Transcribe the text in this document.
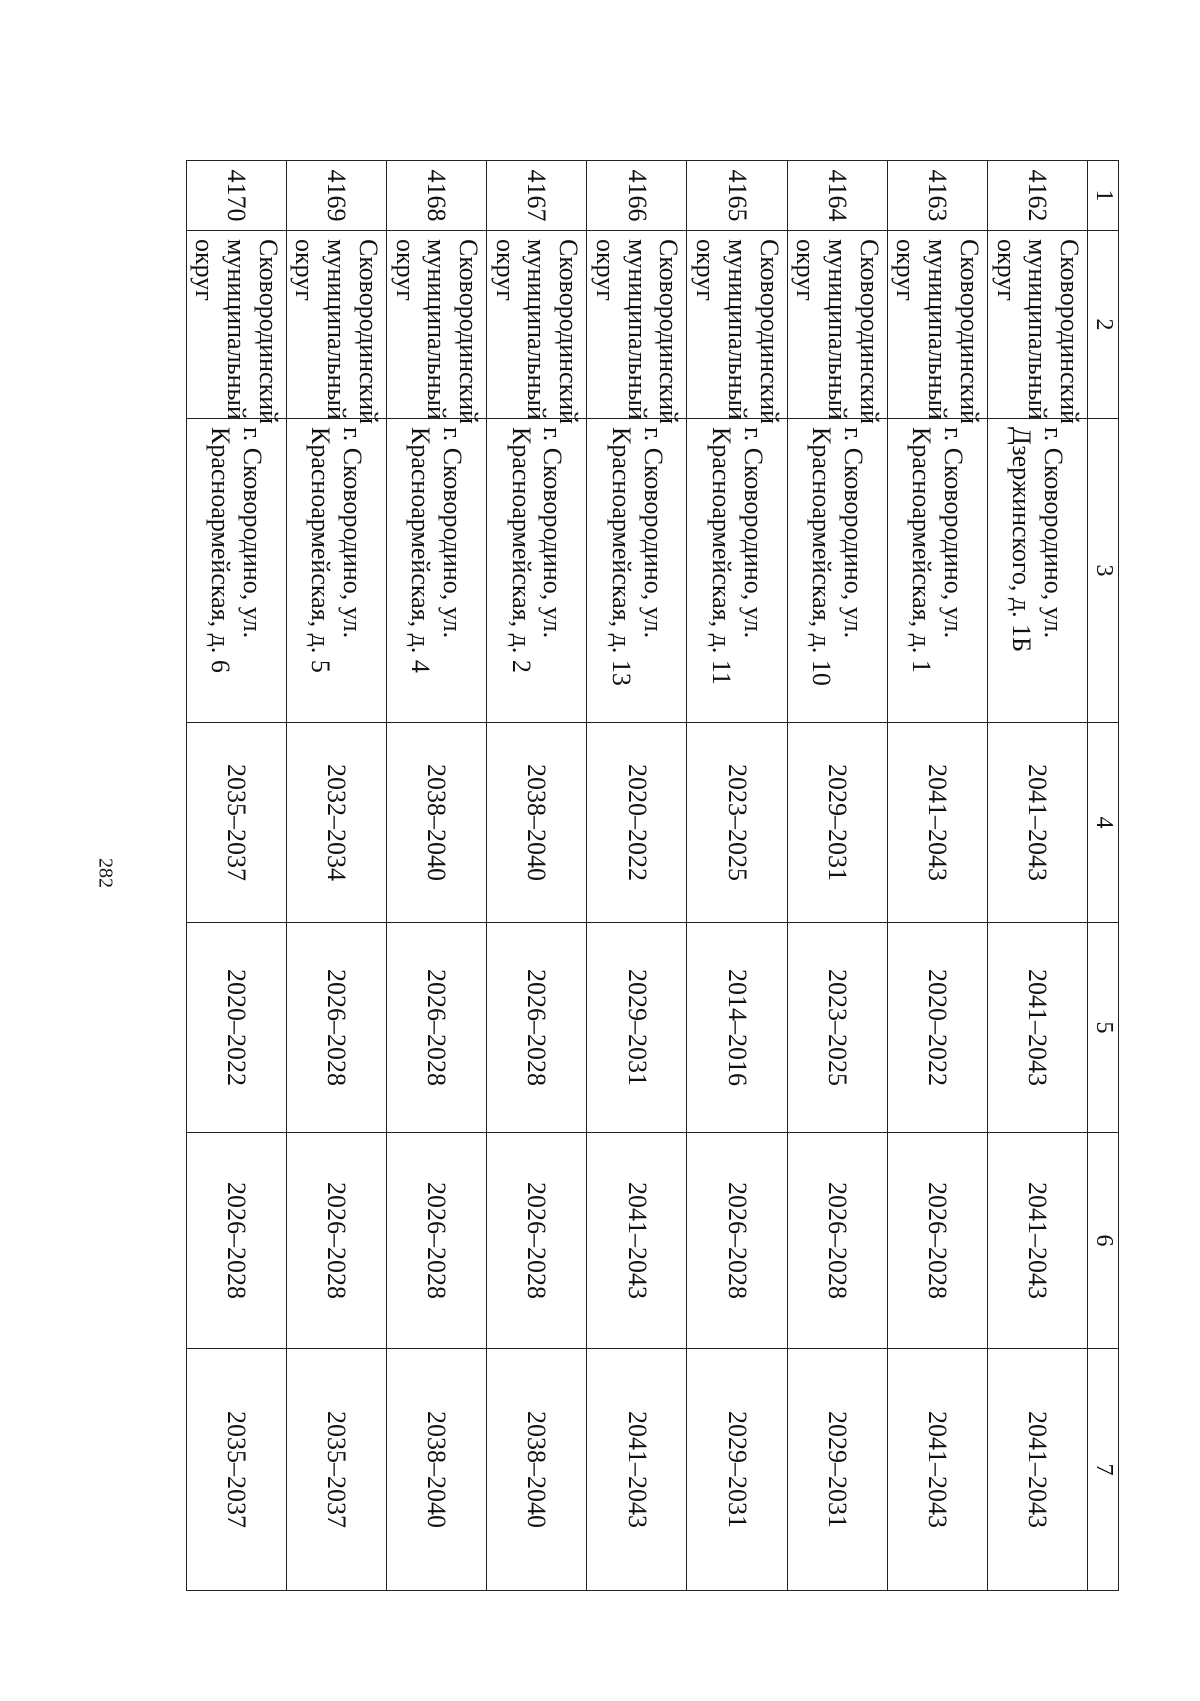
282
1	2	3	4	5	6	7
4162	Сковородинский муниципальный округ	г. Сковородино, ул. Дзержинского, д. 1Б	2041–2043	2041–2043	2041–2043	2041–2043
4163	Сковородинский муниципальный округ	г. Сковородино, ул. Красноармейская, д. 1	2041–2043	2020–2022	2026–2028	2041–2043
4164	Сковородинский муниципальный округ	г. Сковородино, ул. Красноармейская, д. 10	2029–2031	2023–2025	2026–2028	2029–2031
4165	Сковородинский муниципальный округ	г. Сковородино, ул. Красноармейская, д. 11	2023–2025	2014–2016	2026–2028	2029–2031
4166	Сковородинский муниципальный округ	г. Сковородино, ул. Красноармейская, д. 13	2020–2022	2029–2031	2041–2043	2041–2043
4167	Сковородинский муниципальный округ	г. Сковородино, ул. Красноармейская, д. 2	2038–2040	2026–2028	2026–2028	2038–2040
4168	Сковородинский муниципальный округ	г. Сковородино, ул. Красноармейская, д. 4	2038–2040	2026–2028	2026–2028	2038–2040
4169	Сковородинский муниципальный округ	г. Сковородино, ул. Красноармейская, д. 5	2032–2034	2026–2028	2026–2028	2035–2037
4170	Сковородинский муниципальный округ	г. Сковородино, ул. Красноармейская, д. 6	2035–2037	2020–2022	2026–2028	2035–2037
